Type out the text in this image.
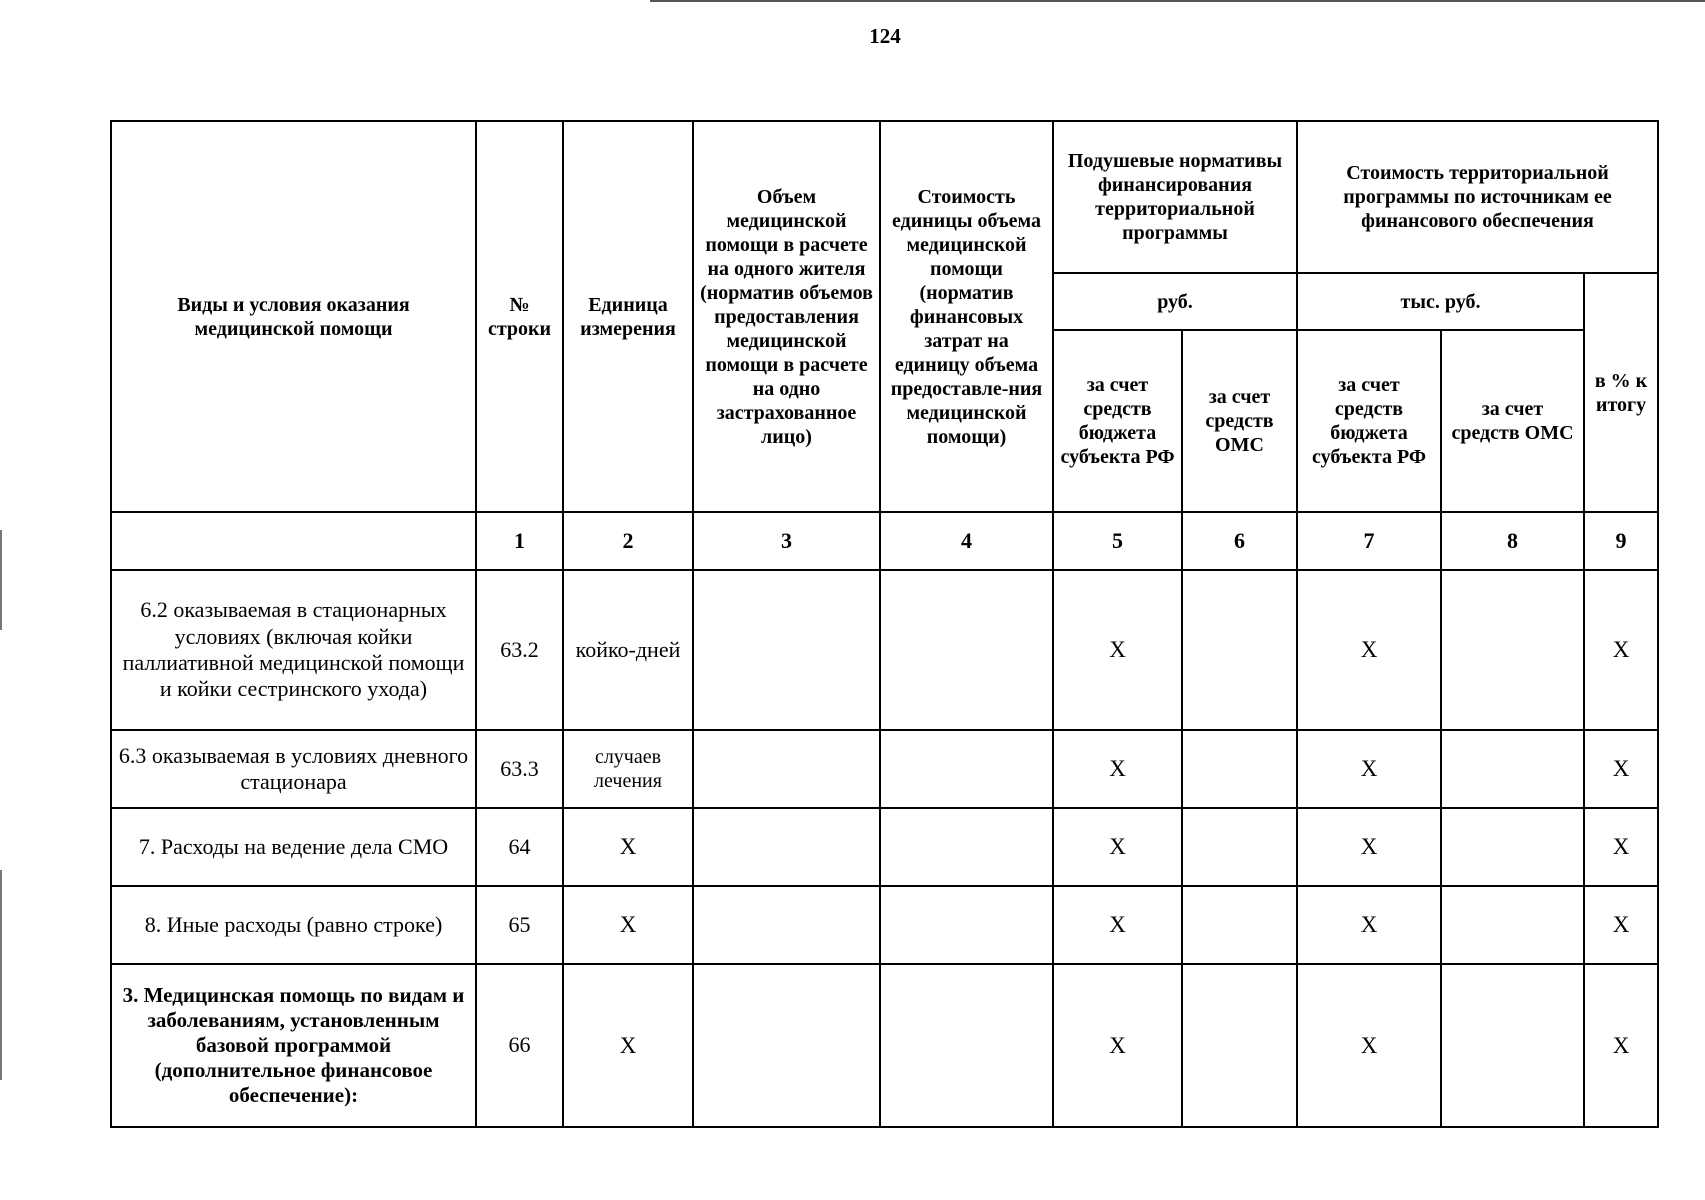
124
Виды и условия оказания медицинской помощи	№ строки	Единица измерения	Объем медицинской помощи в расчете на одного жителя (норматив объемов предоставления медицинской помощи в расчете на одно застрахованное лицо)	Стоимость единицы объема медицинской помощи (норматив финансовых затрат на единицу объема предоставле-ния медицинской помощи)	Подушевые нормативы финансирования территориальной программы		Стоимость территориальной программы по источникам ее финансового обеспечения		
					руб.		тыс. руб.		в % к итогу
					за счет средств бюджета субъекта РФ	за счет средств ОМС	за счет средств бюджета субъекта РФ	за счет средств ОМС	
	1	2	3	4	5	6	7	8	9
6.2 оказываемая в стационарных условиях (включая койки паллиативной медицинской помощи и койки сестринского ухода)	63.2	койко-дней			Х		Х		Х
6.3 оказываемая в условиях дневного стационара	63.3	случаев лечения			Х		Х		Х
7. Расходы на ведение дела СМО	64	Х			Х		Х		Х
8. Иные расходы (равно строке)	65	Х			Х		Х		Х
3. Медицинская помощь по видам и заболеваниям, установленным базовой программой (дополнительное финансовое обеспечение):	66	Х			Х		Х		Х
